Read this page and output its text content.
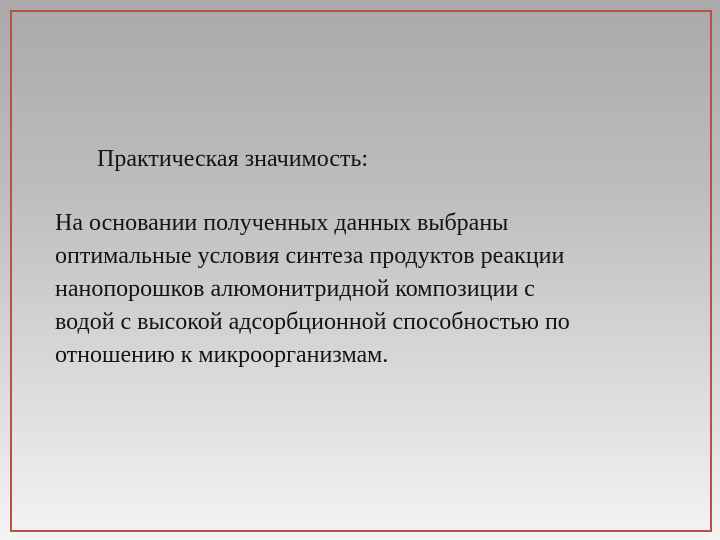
Практическая значимость:
На основании полученных данных выбраны
оптимальные условия синтеза продуктов реакции
нанопорошков алюмонитридной композиции с
водой с высокой адсорбционной способностью по
отношению к микроорганизмам.
